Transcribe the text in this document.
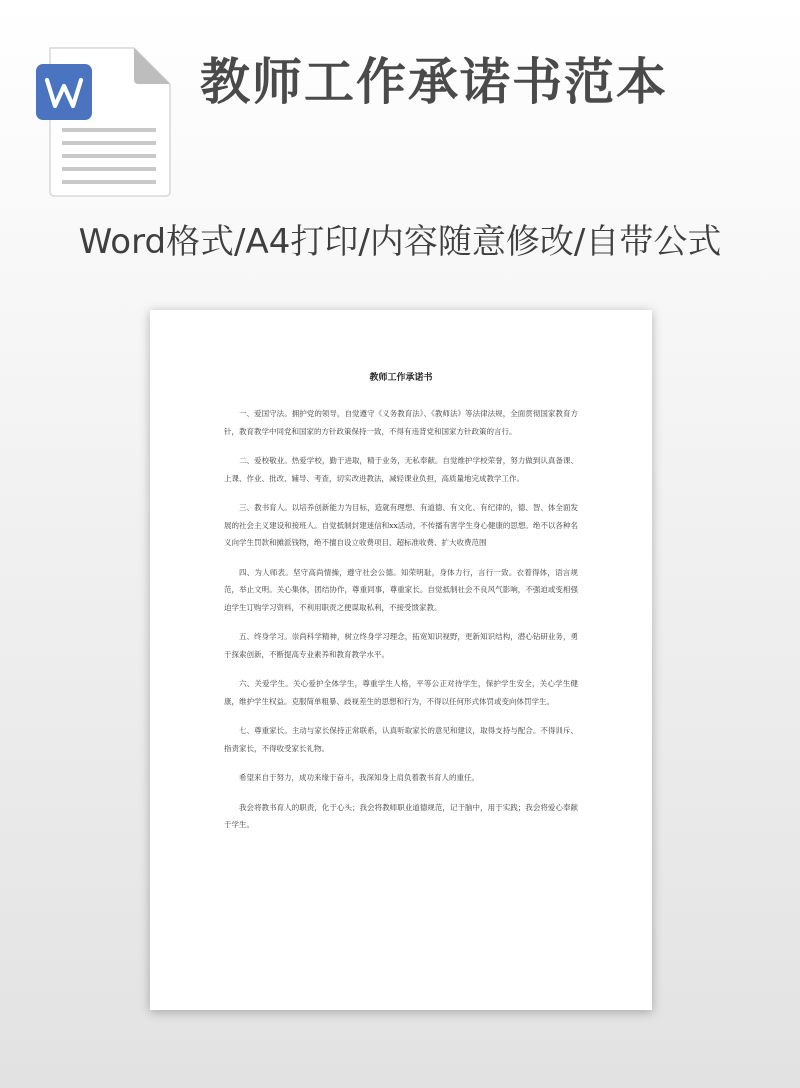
教师工作承诺书范本
Word格式/A4打印/内容随意修改/自带公式
教师工作承诺书

一、爱国守法。拥护党的领导，自觉遵守《义务教育法》、《教师法》等法律法规，全面贯彻国家教育方针，教育教学中同党和国家的方针政策保持一致，不得有违背党和国家方针政策的言行。

二、爱校敬业。热爱学校，勤于进取，精于业务，无私奉献。自觉维护学校荣誉，努力做到认真备课、上课、作业、批改、辅导、考查，切实改进教法，减轻课业负担，高质量地完成教学工作。

三、教书育人。以培养创新能力为目标，造就有理想、有道德、有文化、有纪律的，德、智、体全面发展的社会主义建设和接班人。自觉抵制封建迷信和xx活动，不传播有害学生身心健康的思想。绝不以各种名义向学生罚款和摊派钱物，绝不擅自设立收费项目、超标准收费、扩大收费范围

四、为人师表。坚守高尚情操，遵守社会公德。知荣明耻，身体力行，言行一致。衣着得体，语言规范，举止文明。关心集体，团结协作，尊重同事，尊重家长。自觉抵制社会不良风气影响，不强迫或变相强迫学生订购学习资料，不利用职责之便谋取私利，不接受馈家教。

五、终身学习。崇尚科学精神，树立终身学习理念，拓宽知识视野，更新知识结构，潜心钻研业务，勇于探索创新，不断提高专业素养和教育教学水平。

六、关爱学生。关心爱护全体学生，尊重学生人格，平等公正对待学生，保护学生安全，关心学生健康，维护学生权益。克服简单粗暴、歧视差生的思想和行为，不得以任何形式体罚或变向体罚学生。

七、尊重家长。主动与家长保持正常联系，认真听取家长的意见和建议，取得支持与配合。不得训斥、指责家长，不得收受家长礼物。

希望来自于努力，成功来缘于奋斗，我深知身上肩负着教书育人的重任。

我会将教书育人的职责，化于心头；我会将教师职业道德规范，记于脑中，用于实践；我会将爱心奉献于学生。
